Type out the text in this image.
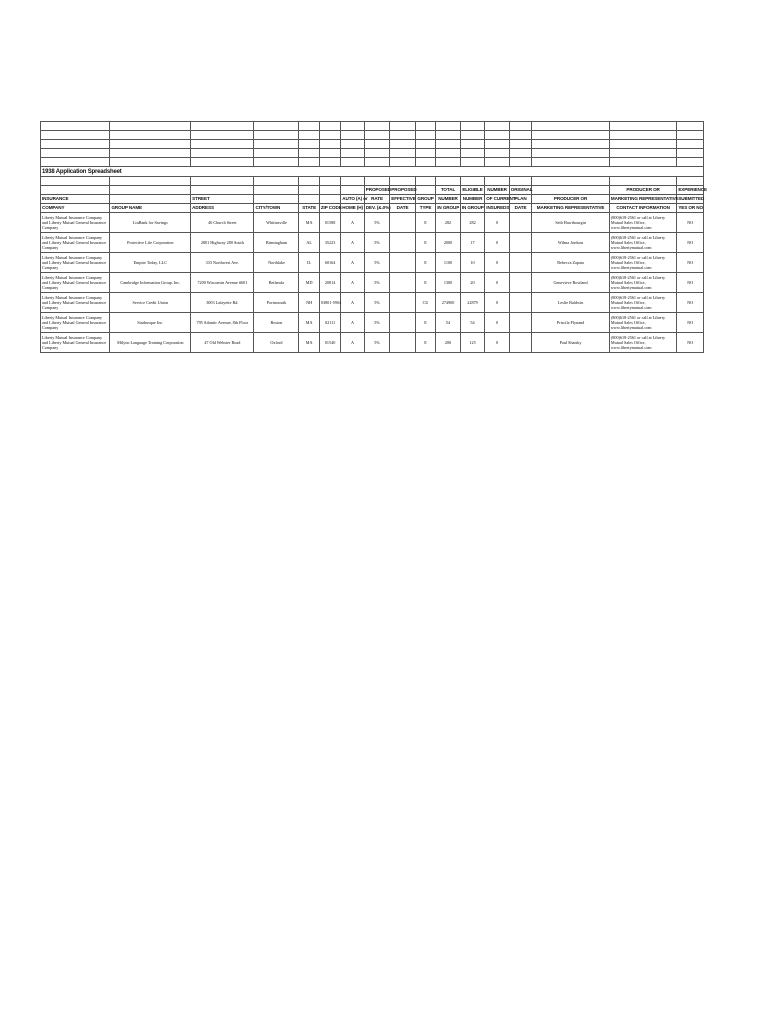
1938 Application Spreadsheet																

							PROPOSED	PROPOSED		TOTAL	ELIGIBLE	NUMBER	ORIGINAL		PRODUCER OR	EXPERIENCE
INSURANCE		STREET				AUTO (A) or	RATE	EFFECTIVE	GROUP	NUMBER	NUMBER	OF CURRENT	PLAN	PRODUCER OR	MARKETING REPRESENTATIVE	SUBMITTED
COMPANY	GROUP NAME	ADDRESS	CITY/TOWN	STATE	ZIP CODE	HOME (H)	DEV. (&.0%)	DATE	TYPE	IN GROUP	IN GROUP	INSUREDS	DATE	MARKETING REPRESENTATIVE	CONTACT INFORMATION	YES OR NO
Liberty Mutual Insurance Company and Liberty Mutual General Insurance Company	LiuBank for Savings	46 Church Street	Whitinsville	MA	01588	A	5%		E	282	282	0		Seth Hawthourgin	(800)618-2561 or call at Liberty Mutual Sales Office, www.libertymutual.com	NO
Liberty Mutual Insurance Company and Liberty Mutual General Insurance Company	Protective Life Corporation	2801 Highway 280 South	Birmingham	AL	35223	A	5%		E	2000	17	0		Wilma Jordson	(800)618-2561 or call at Liberty Mutual Sales Office, www.libertymutual.com	NO
Liberty Mutual Insurance Company and Liberty Mutual General Insurance Company	Empire Today, LLC	333 Northwest Ave.	Northlake	IL	60164	A	5%		E	1100	10	0		Rebecca Zapata	(800)618-2561 or call at Liberty Mutual Sales Office, www.libertymutual.com	NO
Liberty Mutual Insurance Company and Liberty Mutual General Insurance Company	Cambridge Information Group, Inc.	7200 Wisconsin Avenue #601	Bethesda	MD	20814	A	5%		E	1300	20	0		Genevieve Rowland	(800)618-2561 or call at Liberty Mutual Sales Office, www.libertymutual.com	NO
Liberty Mutual Insurance Company and Liberty Mutual General Insurance Company	Service Credit Union	3003 Lafayette Rd.	Portsmouth	NH	03801-5904	A	5%		CU	274900	22879	0		Leslie Baldwin	(800)618-2561 or call at Liberty Mutual Sales Office, www.libertymutual.com	NO
Liberty Mutual Insurance Company and Liberty Mutual General Insurance Company	Starbusque Inc.	795 Atlantic Avenue, 8th Floor	Boston	MA	02111	A	5%		E	54	54	0		Priscila Flynand	(800)618-2561 or call at Liberty Mutual Sales Office, www.libertymutual.com	NO
Liberty Mutual Insurance Company and Liberty Mutual General Insurance Company	Milyon Language Training Corporation	47 Old Webster Road	Oxford	MA	01540	A	5%		E	200	125	0		Paul Shatsky	(800)618-2561 or call at Liberty Mutual Sales Office, www.libertymutual.com	NO
